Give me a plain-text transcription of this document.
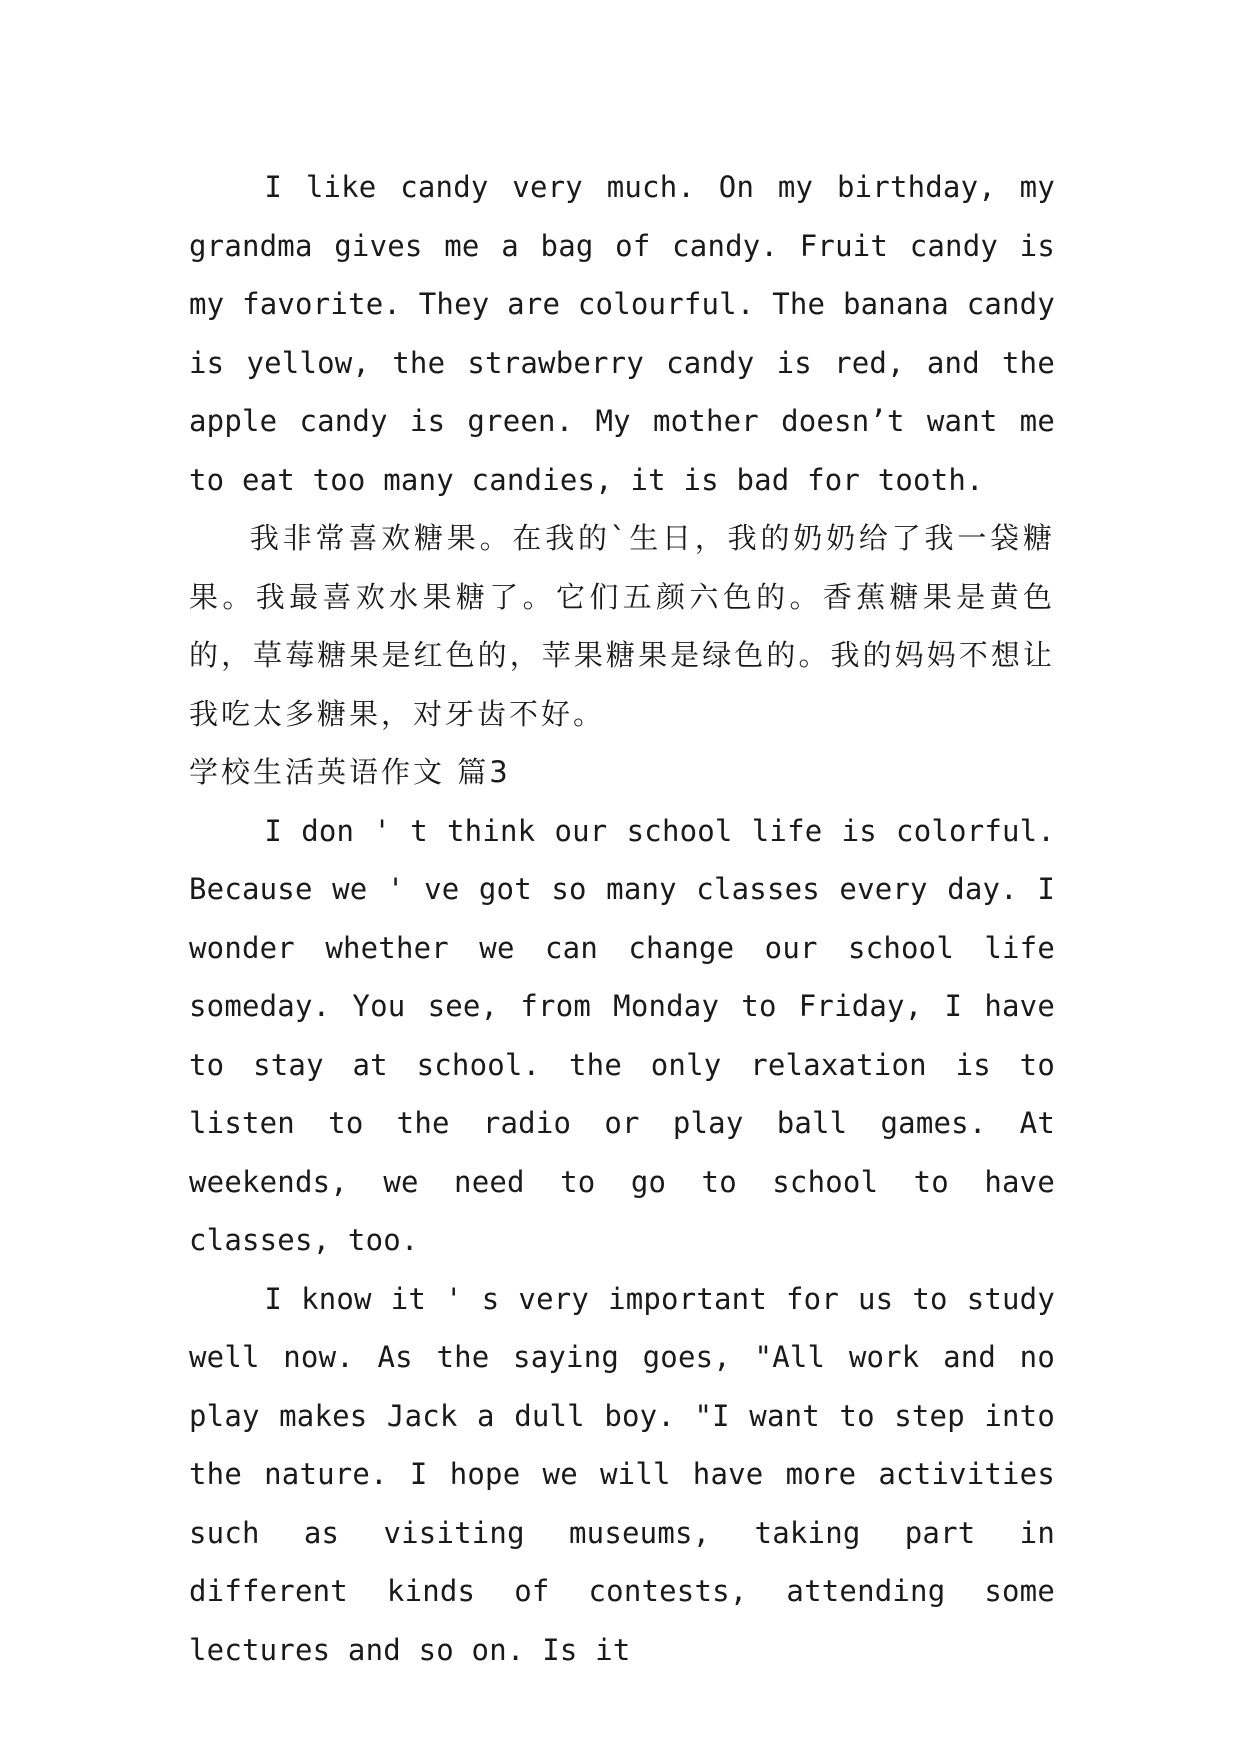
I like candy very much. On my birthday, my grandma gives me a bag of candy. Fruit candy is my favorite. They are colourful. The banana candy is yellow, the strawberry candy is red, and the apple candy is green. My mother doesn’t want me to eat too many candies, it is bad for tooth.

我非常喜欢糖果。在我的`生日，我的奶奶给了我一袋糖果。我最喜欢水果糖了。它们五颜六色的。香蕉糖果是黄色的，草莓糖果是红色的，苹果糖果是绿色的。我的妈妈不想让我吃太多糖果，对牙齿不好。

学校生活英语作文 篇3

I don ' t think our school life is colorful. Because we ' ve got so many classes every day. I wonder whether we can change our school life someday. You see, from Monday to Friday, I have to stay at school. the only relaxation is to listen to the radio or play ball games. At weekends, we need to go to school to have classes, too.

I know it ' s very important for us to study well now. As the saying goes, "All work and no play makes Jack a dull boy. "I want to step into the nature. I hope we will have more activities such as visiting museums, taking part in different kinds of contests, attending some lectures and so on. Is it
